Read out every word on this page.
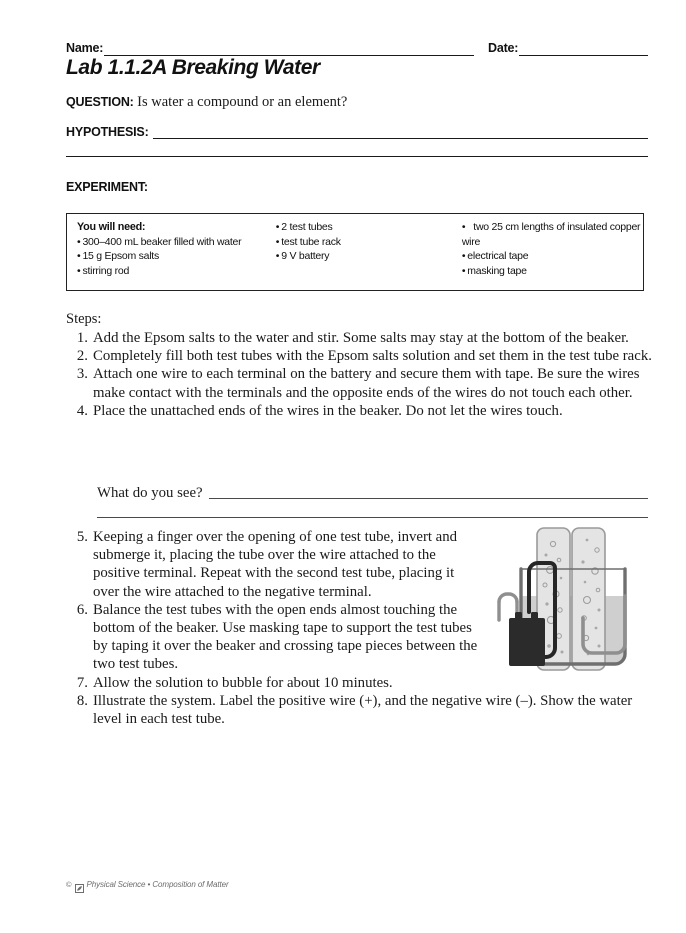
Name:	Date:
Lab 1.1.2A Breaking Water
QUESTION: Is water a compound or an element?
HYPOTHESIS:
EXPERIMENT:
You will need:
• 300–400 mL beaker filled with water
• 15 g Epsom salts
• stirring rod
• 2 test tubes
• test tube rack
• 9 V battery
• two 25 cm lengths of insulated copper wire
• electrical tape
• masking tape
Steps:
1. Add the Epsom salts to the water and stir. Some salts may stay at the bottom of the beaker.
2. Completely fill both test tubes with the Epsom salts solution and set them in the test tube rack.
3. Attach one wire to each terminal on the battery and secure them with tape. Be sure the wires make contact with the terminals and the opposite ends of the wires do not touch each other.
4. Place the unattached ends of the wires in the beaker. Do not let the wires touch.
What do you see?
5. Keeping a finger over the opening of one test tube, invert and submerge it, placing the tube over the wire attached to the positive terminal. Repeat with the second test tube, placing it over the wire attached to the negative terminal.
6. Balance the test tubes with the open ends almost touching the bottom of the beaker. Use masking tape to support the test tubes by taping it over the beaker and crossing tape pieces between the two test tubes.
7. Allow the solution to bubble for about 10 minutes.
8. Illustrate the system. Label the positive wire (+), and the negative wire (–). Show the water level in each test tube.
© Physical Science • Composition of Matter
